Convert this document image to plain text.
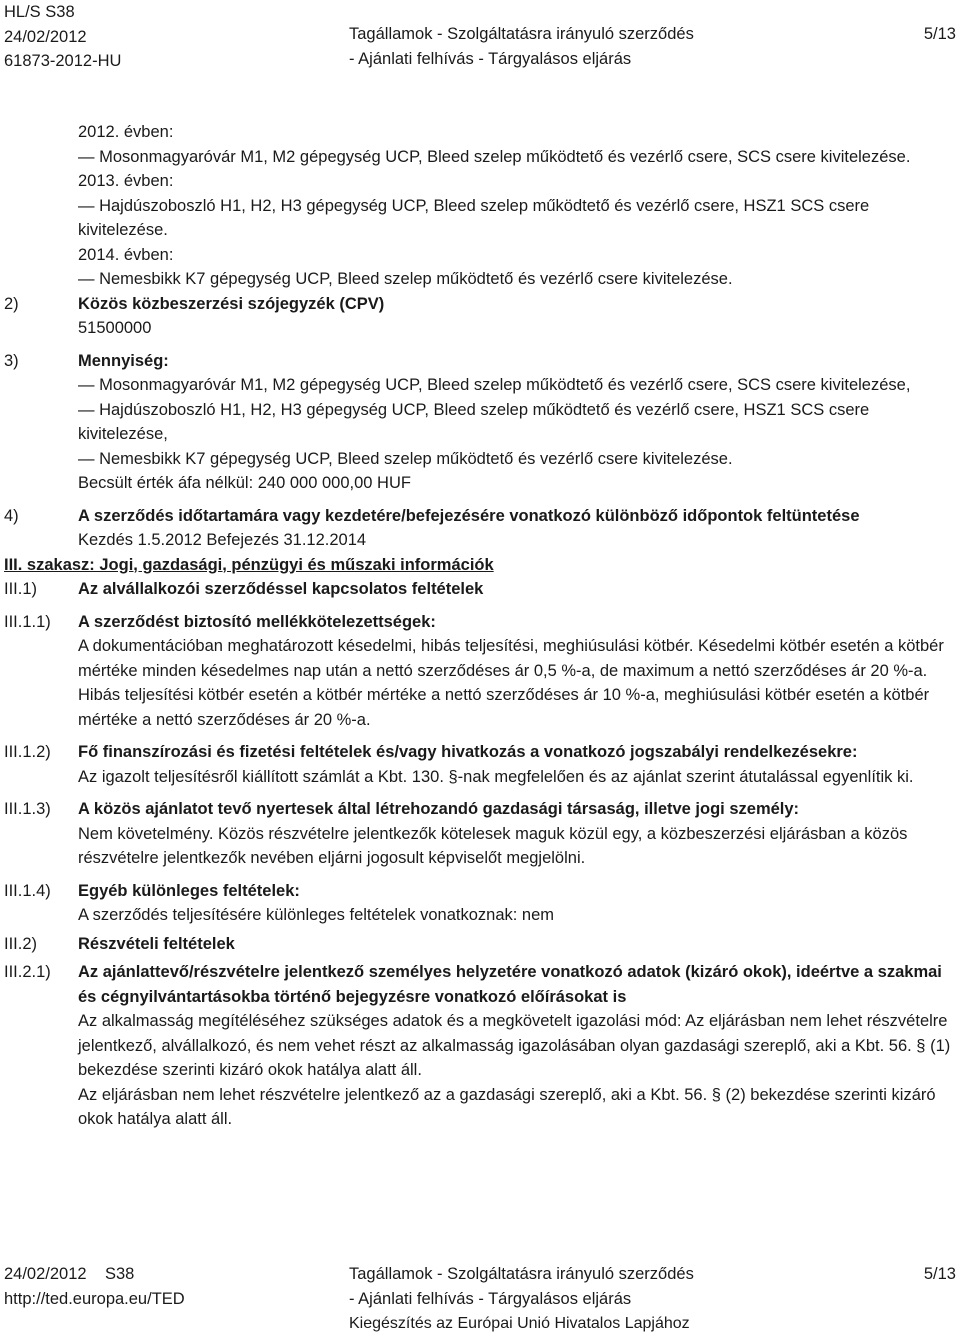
HL/S S38
24/02/2012
61873-2012-HU
Tagállamok - Szolgáltatásra irányuló szerződés
- Ajánlati felhívás - Tárgyalásos eljárás
5/13

2012. évben:

— Mosonmagyaróvár M1, M2 gépegység UCP, Bleed szelep működtető és vezérlő csere, SCS csere kivitelezése.

2013. évben:

— Hajdúszoboszló H1, H2, H3 gépegység UCP, Bleed szelep működtető és vezérlő csere, HSZ1 SCS csere kivitelezése.

2014. évben:

— Nemesbikk K7 gépegység UCP, Bleed szelep működtető és vezérlő csere kivitelezése.

2)	Közös közbeszerzési szójegyzék (CPV)

51500000

3)	Mennyiség:

— Mosonmagyaróvár M1, M2 gépegység UCP, Bleed szelep működtető és vezérlő csere, SCS csere kivitelezése,

— Hajdúszoboszló H1, H2, H3 gépegység UCP, Bleed szelep működtető és vezérlő csere, HSZ1 SCS csere kivitelezése,

— Nemesbikk K7 gépegység UCP, Bleed szelep működtető és vezérlő csere kivitelezése.

Becsült érték áfa nélkül: 240 000 000,00 HUF

4)	A szerződés időtartamára vagy kezdetére/befejezésére vonatkozó különböző időpontok feltüntetése

Kezdés 1.5.2012 Befejezés 31.12.2014

III. szakasz: Jogi, gazdasági, pénzügyi és műszaki információk

III.1) Az alvállalkozói szerződéssel kapcsolatos feltételek

III.1.1) A szerződést biztosító mellékkötelezettségek:

A dokumentációban meghatározott késedelmi, hibás teljesítési, meghiúsulási kötbér. Késedelmi kötbér esetén a kötbér mértéke minden késedelmes nap után a nettó szerződéses ár 0,5 %-a, de maximum a nettó szerződéses ár 20 %-a. Hibás teljesítési kötbér esetén a kötbér mértéke a nettó szerződéses ár 10 %-a, meghiúsulási kötbér esetén a kötbér mértéke a nettó szerződéses ár 20 %-a.

III.1.2) Fő finanszírozási és fizetési feltételek és/vagy hivatkozás a vonatkozó jogszabályi rendelkezésekre:

Az igazolt teljesítésről kiállított számlát a Kbt. 130. §-nak megfelelően és az ajánlat szerint átutalással egyenlítik ki.

III.1.3) A közös ajánlatot tevő nyertesek által létrehozandó gazdasági társaság, illetve jogi személy:

Nem követelmény. Közös részvételre jelentkezők kötelesek maguk közül egy, a közbeszerzési eljárásban a közös részvételre jelentkezők nevében eljárni jogosult képviselőt megjelölni.

III.1.4) Egyéb különleges feltételek:

A szerződés teljesítésére különleges feltételek vonatkoznak: nem

III.2) Részvételi feltételek

III.2.1) Az ajánlattevő/részvételre jelentkező személyes helyzetére vonatkozó adatok (kizáró okok), ideértve a szakmai és cégnyilvántartásokba történő bejegyzésre vonatkozó előírásokat is

Az alkalmasság megítéléséhez szükséges adatok és a megkövetelt igazolási mód: Az eljárásban nem lehet részvételre jelentkező, alvállalkozó, és nem vehet részt az alkalmasság igazolásában olyan gazdasági szereplő, aki a Kbt. 56. § (1) bekezdése szerinti kizáró okok hatálya alatt áll.

Az eljárásban nem lehet részvételre jelentkező az a gazdasági szereplő, aki a Kbt. 56. § (2) bekezdése szerinti kizáró okok hatálya alatt áll.

24/02/2012 S38
http://ted.europa.eu/TED
Tagállamok - Szolgáltatásra irányuló szerződés
- Ajánlati felhívás - Tárgyalásos eljárás
Kiegészítés az Európai Unió Hivatalos Lapjához
5/13
